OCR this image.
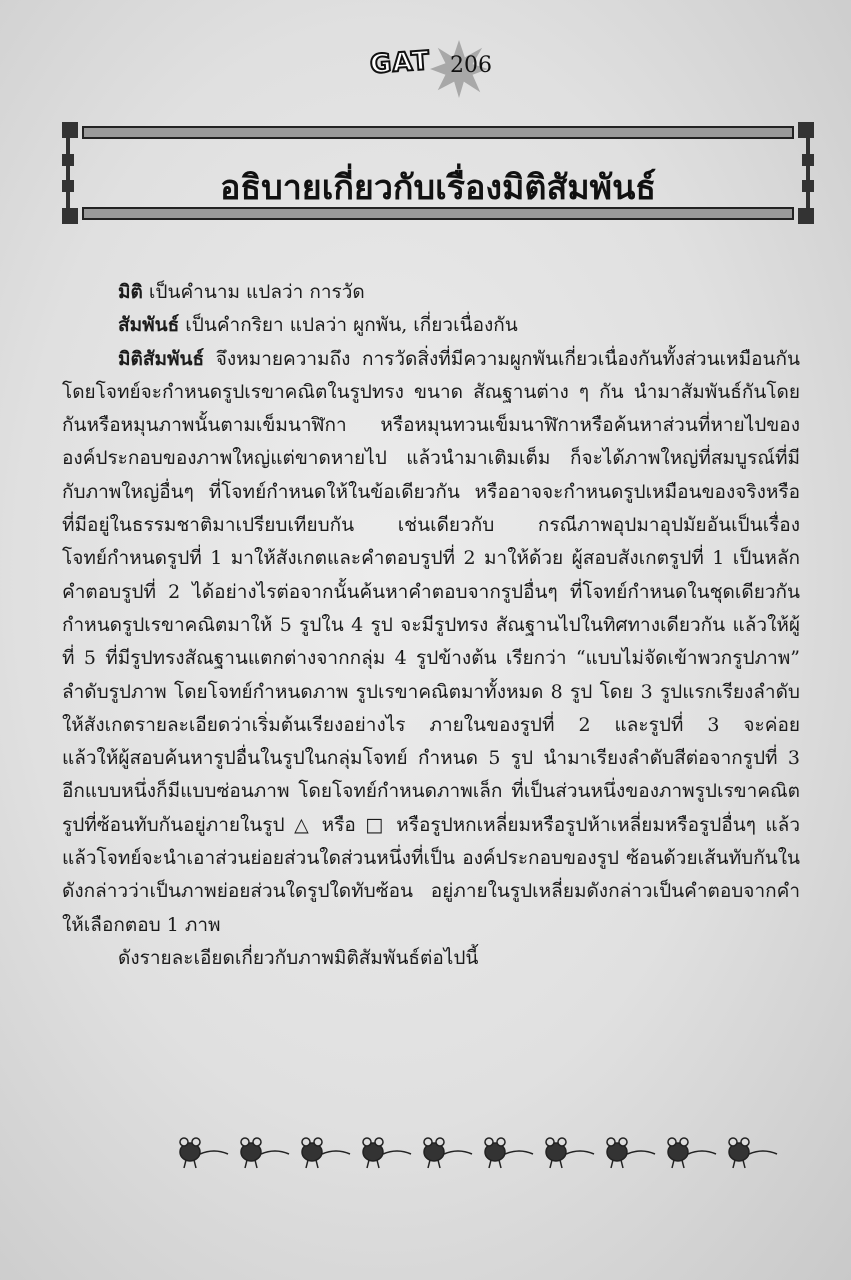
GAT 206
อธิบายเกี่ยวกับเรื่องมิติสัมพันธ์
มิติ เป็นคำนาม แปลว่า การวัด
สัมพันธ์ เป็นคำกริยา แปลว่า ผูกพัน, เกี่ยวเนื่องกัน
มิติสัมพันธ์ จึงหมายความถึง การวัดสิ่งที่มีความผูกพันเกี่ยวเนื่องกันทั้งส่วนเหมือนกัน
โดยโจทย์จะกำหนดรูปเรขาคณิตในรูปทรง ขนาด สัณฐานต่าง ๆ กัน นำมาสัมพันธ์กันโดย
กันหรือหมุนภาพนั้นตามเข็มนาฬิกา หรือหมุนทวนเข็มนาฬิกาหรือค้นหาส่วนที่หายไปของ
องค์ประกอบของภาพใหญ่แต่ขาดหายไป แล้วนำมาเติมเต็ม ก็จะได้ภาพใหญ่ที่สมบูรณ์ที่มี
กับภาพใหญ่อื่นๆ ที่โจทย์กำหนดให้ในข้อเดียวกัน หรืออาจจะกำหนดรูปเหมือนของจริงหรือ
ที่มีอยู่ในธรรมชาติมาเปรียบเทียบกัน เช่นเดียวกับ กรณีภาพอุปมาอุปมัยอันเป็นเรื่อง
โจทย์กำหนดรูปที่ 1 มาให้สังเกตและคำตอบรูปที่ 2 มาให้ด้วย ผู้สอบสังเกตรูปที่ 1 เป็นหลัก
คำตอบรูปที่ 2 ได้อย่างไรต่อจากนั้นค้นหาคำตอบจากรูปอื่นๆ ที่โจทย์กำหนดในชุดเดียวกัน
กำหนดรูปเรขาคณิตมาให้ 5 รูปใน 4 รูป จะมีรูปทรง สัณฐานไปในทิศทางเดียวกัน แล้วให้ผู้
ที่ 5 ที่มีรูปทรงสัณฐานแตกต่างจากกลุ่ม 4 รูปข้างต้น เรียกว่า “แบบไม่จัดเข้าพวกรูปภาพ”
ลำดับรูปภาพ โดยโจทย์กำหนดภาพ รูปเรขาคณิตมาทั้งหมด 8 รูป โดย 3 รูปแรกเรียงลำดับ
ให้สังเกตรายละเอียดว่าเริ่มต้นเรียงอย่างไร ภายในของรูปที่ 2 และรูปที่ 3 จะค่อย
แล้วให้ผู้สอบค้นหารูปอื่นในรูปในกลุ่มโจทย์ กำหนด 5 รูป นำมาเรียงลำดับสีต่อจากรูปที่ 3
อีกแบบหนึ่งก็มีแบบซ่อนภาพ โดยโจทย์กำหนดภาพเล็ก ที่เป็นส่วนหนึ่งของภาพรูปเรขาคณิต
รูปที่ซ้อนทับกันอยู่ภายในรูป △ หรือ □ หรือรูปหกเหลี่ยมหรือรูปห้าเหลี่ยมหรือรูปอื่นๆ แล้ว
แล้วโจทย์จะนำเอาส่วนย่อยส่วนใดส่วนหนึ่งที่เป็น องค์ประกอบของรูป ซ้อนด้วยเส้นทับกันใน
ดังกล่าวว่าเป็นภาพย่อยส่วนใดรูปใดทับซ้อน อยู่ภายในรูปเหลี่ยมดังกล่าวเป็นคำตอบจากคำ
ให้เลือกตอบ 1 ภาพ
ดังรายละเอียดเกี่ยวกับภาพมิติสัมพันธ์ต่อไปนี้
